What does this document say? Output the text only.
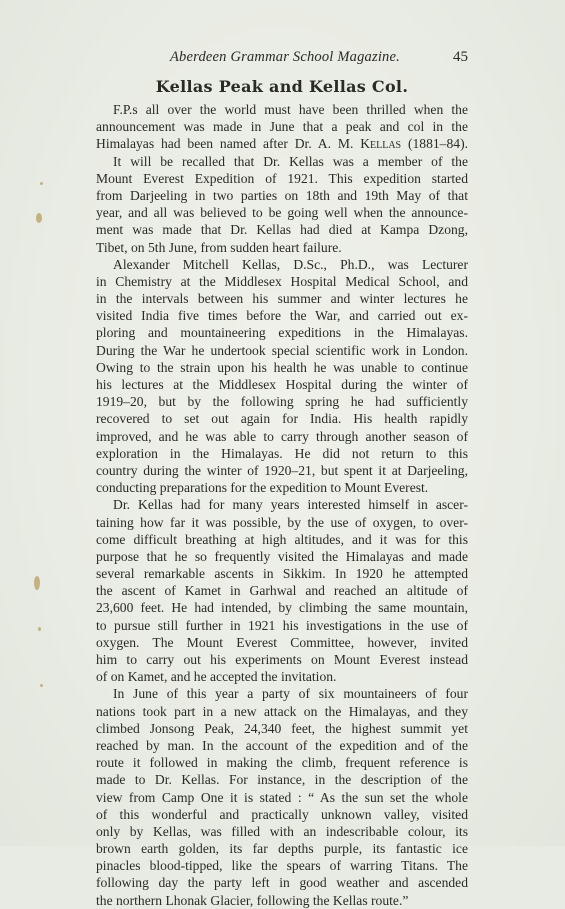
Aberdeen Grammar School Magazine.	45
Kellas Peak and Kellas Col.
F.P.s all over the world must have been thrilled when the
announcement was made in June that a peak and col in the
Himalayas had been named after Dr. A. M. Kellas (1881–84).
It will be recalled that Dr. Kellas was a member of the
Mount Everest Expedition of 1921. This expedition started
from Darjeeling in two parties on 18th and 19th May of that
year, and all was believed to be going well when the announce-
ment was made that Dr. Kellas had died at Kampa Dzong,
Tibet, on 5th June, from sudden heart failure.
Alexander Mitchell Kellas, D.Sc., Ph.D., was Lecturer
in Chemistry at the Middlesex Hospital Medical School, and
in the intervals between his summer and winter lectures he
visited India five times before the War, and carried out ex-
ploring and mountaineering expeditions in the Himalayas.
During the War he undertook special scientific work in London.
Owing to the strain upon his health he was unable to continue
his lectures at the Middlesex Hospital during the winter of
1919–20, but by the following spring he had sufficiently
recovered to set out again for India. His health rapidly
improved, and he was able to carry through another season of
exploration in the Himalayas. He did not return to this
country during the winter of 1920–21, but spent it at Darjeeling,
conducting preparations for the expedition to Mount Everest.
Dr. Kellas had for many years interested himself in ascer-
taining how far it was possible, by the use of oxygen, to over-
come difficult breathing at high altitudes, and it was for this
purpose that he so frequently visited the Himalayas and made
several remarkable ascents in Sikkim. In 1920 he attempted
the ascent of Kamet in Garhwal and reached an altitude of
23,600 feet. He had intended, by climbing the same mountain,
to pursue still further in 1921 his investigations in the use of
oxygen. The Mount Everest Committee, however, invited
him to carry out his experiments on Mount Everest instead
of on Kamet, and he accepted the invitation.
In June of this year a party of six mountaineers of four
nations took part in a new attack on the Himalayas, and they
climbed Jonsong Peak, 24,340 feet, the highest summit yet
reached by man. In the account of the expedition and of the
route it followed in making the climb, frequent reference is
made to Dr. Kellas. For instance, in the description of the
view from Camp One it is stated : “ As the sun set the whole
of this wonderful and practically unknown valley, visited
only by Kellas, was filled with an indescribable colour, its
brown earth golden, its far depths purple, its fantastic ice
pinacles blood-tipped, like the spears of warring Titans. The
following day the party left in good weather and ascended
the northern Lhonak Glacier, following the Kellas route.”
